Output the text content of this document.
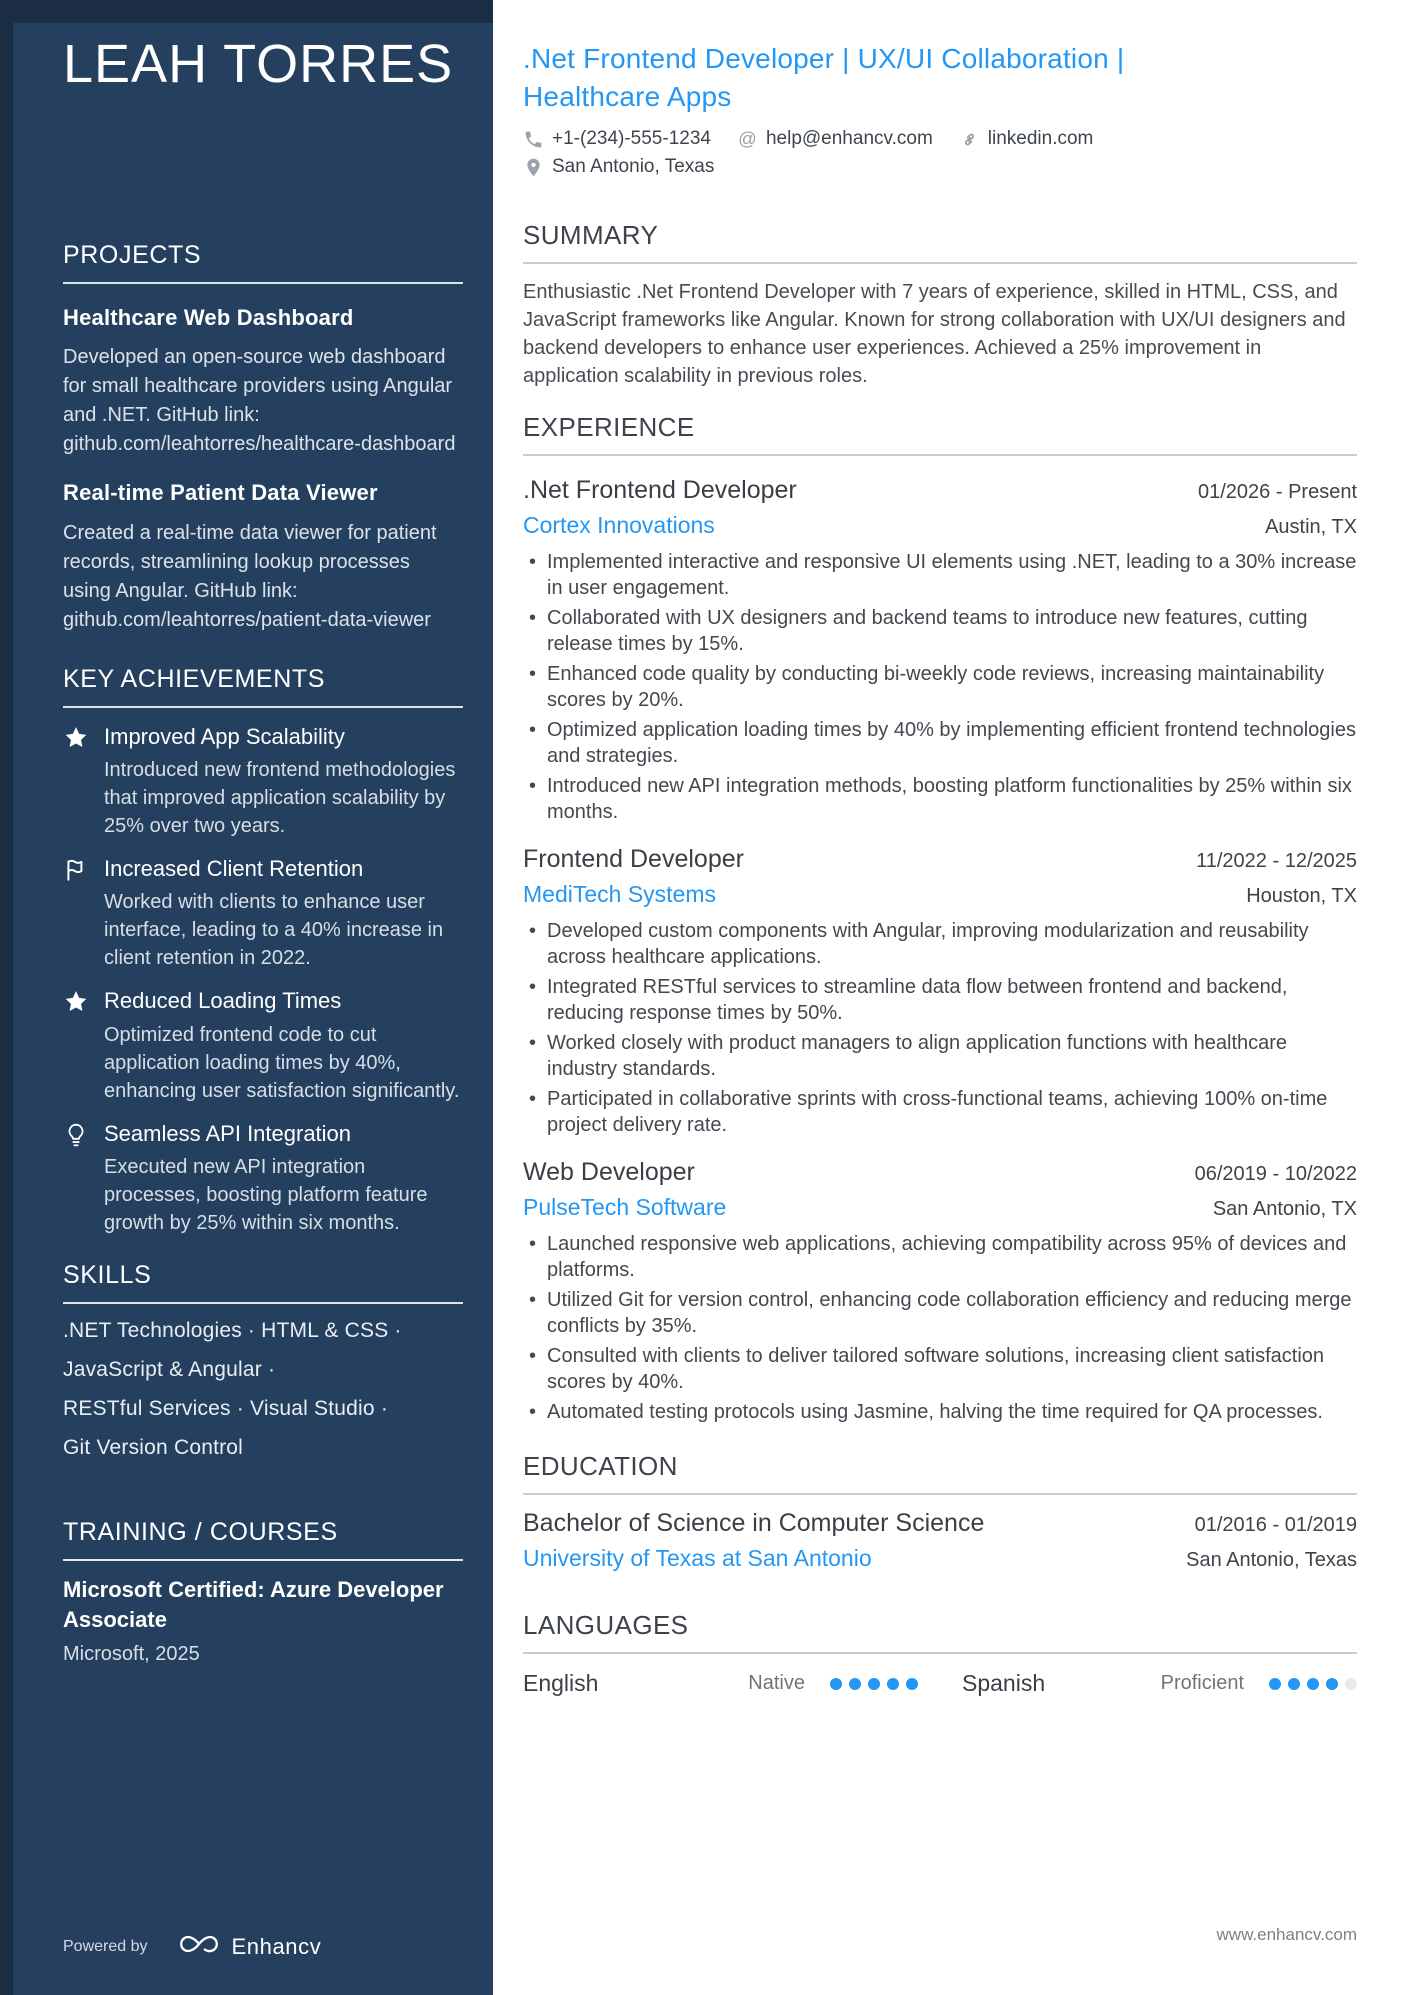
LEAH TORRES
PROJECTS
Healthcare Web Dashboard
Developed an open-source web dashboard for small healthcare providers using Angular and .NET. GitHub link: github.com/leahtorres/healthcare-dashboard
Real-time Patient Data Viewer
Created a real-time data viewer for patient records, streamlining lookup processes using Angular. GitHub link: github.com/leahtorres/patient-data-viewer
KEY ACHIEVEMENTS
Improved App Scalability
Introduced new frontend methodologies that improved application scalability by 25% over two years.
Increased Client Retention
Worked with clients to enhance user interface, leading to a 40% increase in client retention in 2022.
Reduced Loading Times
Optimized frontend code to cut application loading times by 40%, enhancing user satisfaction significantly.
Seamless API Integration
Executed new API integration processes, boosting platform feature growth by 25% within six months.
SKILLS
.NET Technologies · HTML & CSS ·
JavaScript & Angular ·
RESTful Services · Visual Studio ·
Git Version Control
TRAINING / COURSES
Microsoft Certified: Azure Developer Associate
Microsoft, 2025
Powered by	Enhancv
.Net Frontend Developer | UX/UI Collaboration | Healthcare Apps
+1-(234)-555-1234 @ help@enhancv.com	linkedin.com
San Antonio, Texas
SUMMARY

Enthusiastic .Net Frontend Developer with 7 years of experience, skilled in HTML, CSS, and JavaScript frameworks like Angular. Known for strong collaboration with UX/UI designers and backend developers to enhance user experiences. Achieved a 25% improvement in application scalability in previous roles.

EXPERIENCE
.Net Frontend Developer	01/2026 - Present
Cortex Innovations	Austin, TX
• Implemented interactive and responsive UI elements using .NET, leading to a 30% increase in user engagement.
• Collaborated with UX designers and backend teams to introduce new features, cutting release times by 15%.
• Enhanced code quality by conducting bi-weekly code reviews, increasing maintainability scores by 20%.
• Optimized application loading times by 40% by implementing efficient frontend technologies and strategies.
• Introduced new API integration methods, boosting platform functionalities by 25% within six months.
Frontend Developer	11/2022 - 12/2025
MediTech Systems	Houston, TX
• Developed custom components with Angular, improving modularization and reusability across healthcare applications.
• Integrated RESTful services to streamline data flow between frontend and backend, reducing response times by 50%.
• Worked closely with product managers to align application functions with healthcare industry standards.
• Participated in collaborative sprints with cross-functional teams, achieving 100% on-time project delivery rate.
Web Developer	06/2019 - 10/2022
PulseTech Software	San Antonio, TX
• Launched responsive web applications, achieving compatibility across 95% of devices and platforms.
• Utilized Git for version control, enhancing code collaboration efficiency and reducing merge conflicts by 35%.
• Consulted with clients to deliver tailored software solutions, increasing client satisfaction scores by 40%.
• Automated testing protocols using Jasmine, halving the time required for QA processes.
EDUCATION
Bachelor of Science in Computer Science	01/2016 - 01/2019
University of Texas at San Antonio	San Antonio, Texas
LANGUAGES
English	Native	Spanish	Proficient
www.enhancv.com
